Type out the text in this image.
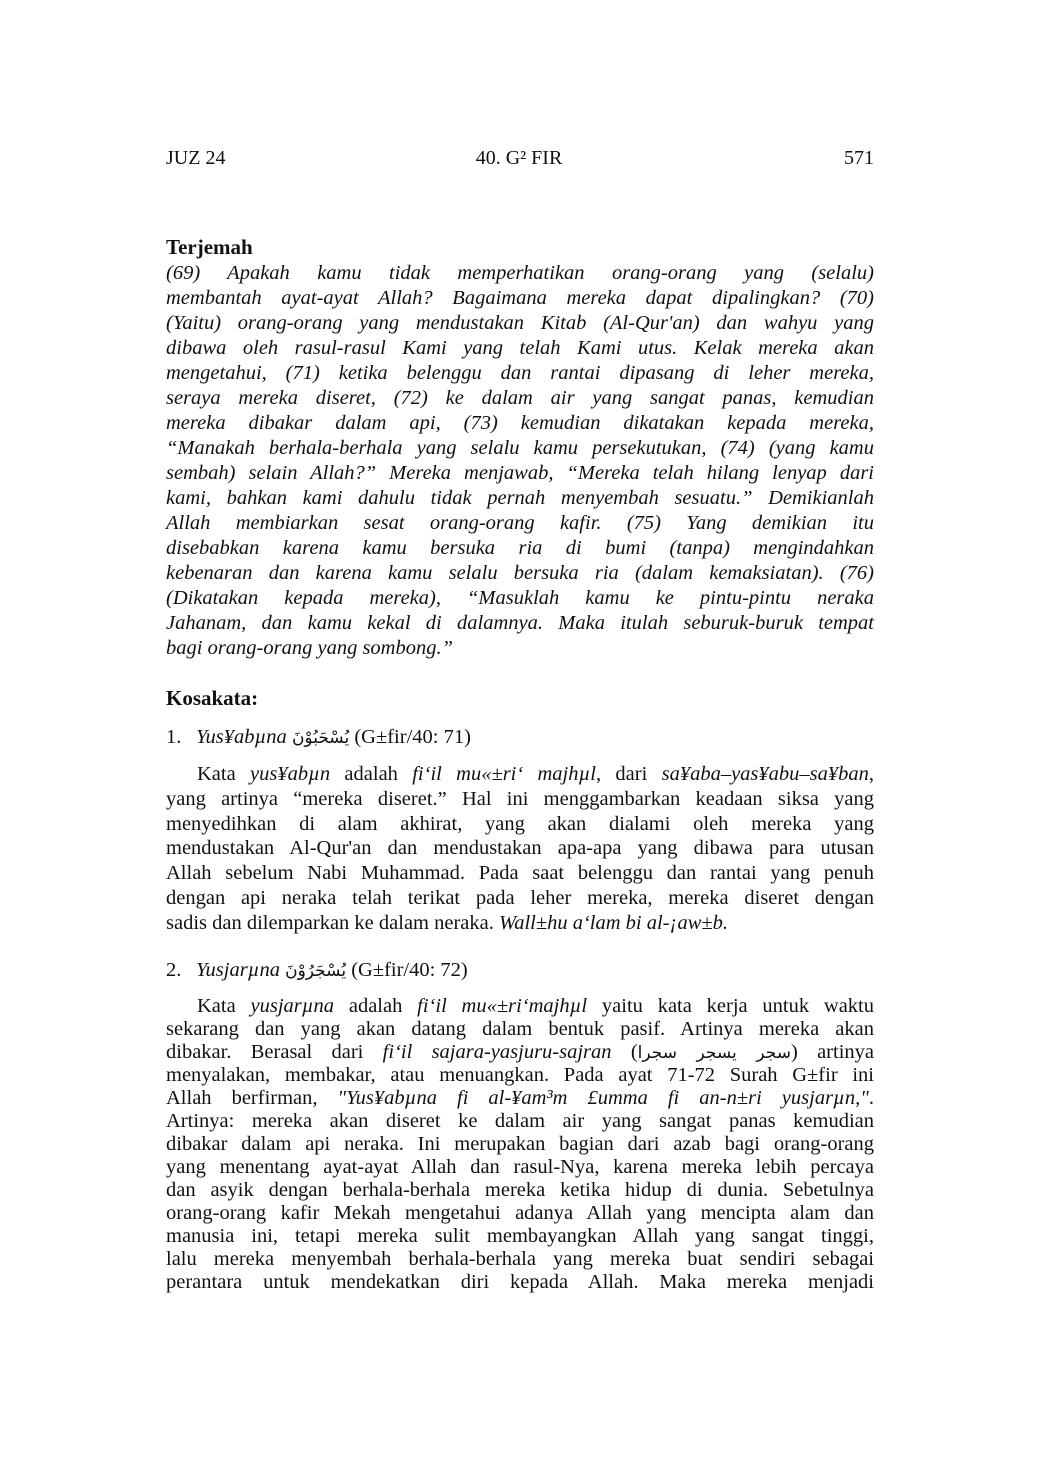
JUZ 24	40. G² FIR	571
Terjemah
(69) Apakah kamu tidak memperhatikan orang-orang yang (selalu)
membantah ayat-ayat Allah? Bagaimana mereka dapat dipalingkan? (70)
(Yaitu) orang-orang yang mendustakan Kitab (Al-Qur'an) dan wahyu yang
dibawa oleh rasul-rasul Kami yang telah Kami utus. Kelak mereka akan
mengetahui, (71) ketika belenggu dan rantai dipasang di leher mereka,
seraya mereka diseret, (72) ke dalam air yang sangat panas, kemudian
mereka dibakar dalam api, (73) kemudian dikatakan kepada mereka,
“Manakah berhala-berhala yang selalu kamu persekutukan, (74) (yang kamu
sembah) selain Allah?” Mereka menjawab, “Mereka telah hilang lenyap dari
kami, bahkan kami dahulu tidak pernah menyembah sesuatu.” Demikianlah
Allah membiarkan sesat orang-orang kafir. (75) Yang demikian itu
disebabkan karena kamu bersuka ria di bumi (tanpa) mengindahkan
kebenaran dan karena kamu selalu bersuka ria (dalam kemaksiatan). (76)
(Dikatakan kepada mereka), “Masuklah kamu ke pintu-pintu neraka
Jahanam, dan kamu kekal di dalamnya. Maka itulah seburuk-buruk tempat
bagi orang-orang yang sombong.”
Kosakata:
1. Yus¥abµna يُسْحَبُوْنَ (G±fir/40: 71)
Kata yus¥abµn adalah fi‘il mu«±ri‘ majhµl, dari sa¥aba–yas¥abu–sa¥ban,
yang artinya “mereka diseret.” Hal ini menggambarkan keadaan siksa yang
menyedihkan di alam akhirat, yang akan dialami oleh mereka yang
mendustakan Al-Qur'an dan mendustakan apa-apa yang dibawa para utusan
Allah sebelum Nabi Muhammad. Pada saat belenggu dan rantai yang penuh
dengan api neraka telah terikat pada leher mereka, mereka diseret dengan
sadis dan dilemparkan ke dalam neraka. Wall±hu a‘lam bi al-¡aw±b.
2. Yusjarµna يُسْجَرُوْنَ (G±fir/40: 72)
Kata yusjarµna adalah fi‘il mu«±ri‘majhµl yaitu kata kerja untuk waktu
sekarang dan yang akan datang dalam bentuk pasif. Artinya mereka akan
dibakar. Berasal dari fi‘il sajara-yasjuru-sajran (سجر يسجر سجرا) artinya
menyalakan, membakar, atau menuangkan. Pada ayat 71-72 Surah G±fir ini
Allah berfirman, "Yus¥abµna fi al-¥am³m £umma fi an-n±ri yusjarµn,".
Artinya: mereka akan diseret ke dalam air yang sangat panas kemudian
dibakar dalam api neraka. Ini merupakan bagian dari azab bagi orang-orang
yang menentang ayat-ayat Allah dan rasul-Nya, karena mereka lebih percaya
dan asyik dengan berhala-berhala mereka ketika hidup di dunia. Sebetulnya
orang-orang kafir Mekah mengetahui adanya Allah yang mencipta alam dan
manusia ini, tetapi mereka sulit membayangkan Allah yang sangat tinggi,
lalu mereka menyembah berhala-berhala yang mereka buat sendiri sebagai
perantara untuk mendekatkan diri kepada Allah. Maka mereka menjadi
